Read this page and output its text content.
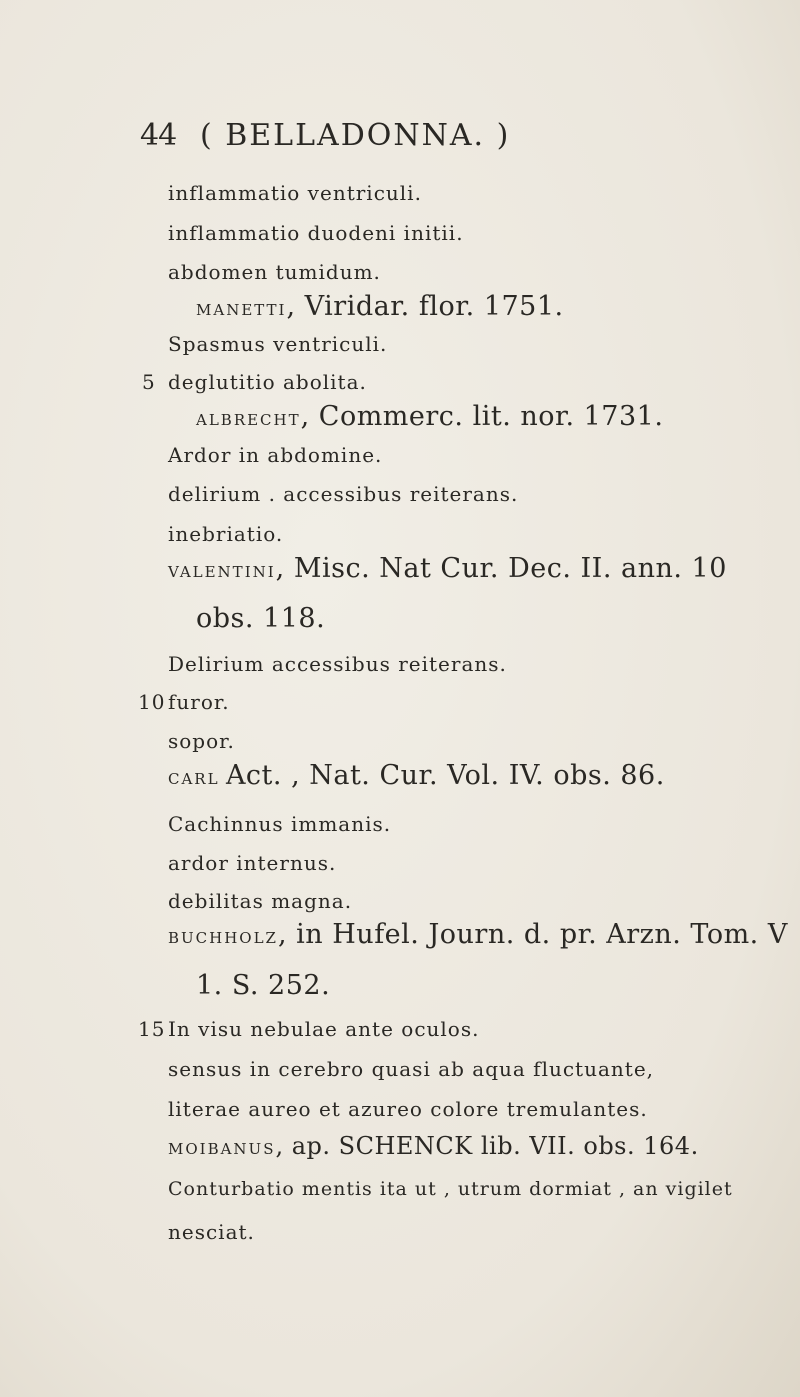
44 ( BELLADONNA. )
inflammatio ventriculi.
inflammatio duodeni initii.
abdomen tumidum.
MANETTI, Viridar. flor. 1751.
Spasmus ventriculi.
5 deglutitio abolita.
ALBRECHT, Commerc. lit. nor. 1731.
Ardor in abdomine.
delirium . accessibus reiterans.
inebriatio.
VALENTINI, Misc. Nat Cur. Dec. II. ann. 10
obs. 118.
Delirium accessibus reiterans.
10 furor.
sopor.
CARL Act. , Nat. Cur. Vol. IV. obs. 86.
Cachinnus immanis.
ardor internus.
debilitas magna.
BUCHHOLZ, in Hufel. Journ. d. pr. Arzn. Tom. V
1. S. 252.
15 In visu nebulae ante oculos.
sensus in cerebro quasi ab aqua fluctuante,
literae aureo et azureo colore tremulantes.
MOIBANUS, ap. SCHENCK lib. VII. obs. 164.
Conturbatio mentis ita ut , utrum dormiat , an vigilet
nesciat.
